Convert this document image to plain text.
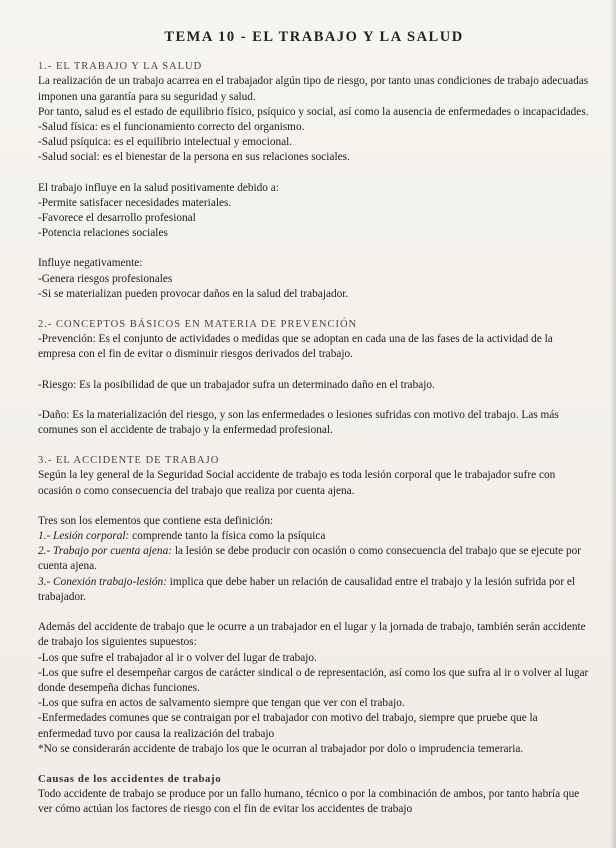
TEMA 10 - EL TRABAJO Y LA SALUD

1.- EL TRABAJO Y LA SALUD

La realización de un trabajo acarrea en el trabajador algún tipo de riesgo, por tanto unas condiciones de trabajo adecuadas imponen una garantía para su seguridad y salud.

Por tanto, salud es el estado de equilibrio físico, psíquico y social, así como la ausencia de enfermedades o incapacidades.

-Salud física: es el funcionamiento correcto del organismo.

-Salud psíquica: es el equilibrio intelectual y emocional.

-Salud social: es el bienestar de la persona en sus relaciones sociales.

El trabajo influye en la salud positivamente debido a:

-Permite satisfacer necesidades materiales.

-Favorece el desarrollo profesional

-Potencia relaciones sociales

Influye negativamente:

-Genera riesgos profesionales

-Si se materializan pueden provocar daños en la salud del trabajador.

2.- CONCEPTOS BÁSICOS EN MATERIA DE PREVENCIÓN

-Prevención: Es el conjunto de actividades o medidas que se adoptan en cada una de las fases de la actividad de la empresa con el fin de evitar o disminuir riesgos derivados del trabajo.

-Riesgo: Es la posibilidad de que un trabajador sufra un determinado daño en el trabajo.

-Daño: Es la materialización del riesgo, y son las enfermedades o lesiones sufridas con motivo del trabajo. Las más comunes son el accidente de trabajo y la enfermedad profesional.

3.- EL ACCIDENTE DE TRABAJO

Según la ley general de la Seguridad Social accidente de trabajo es toda lesión corporal que le trabajador sufre con ocasión o como consecuencia del trabajo que realiza por cuenta ajena.

Tres son los elementos que contiene esta definición:

1.- Lesión corporal: comprende tanto la física como la psíquica

2.- Trabajo por cuenta ajena: la lesión se debe producir con ocasión o como consecuencia del trabajo que se ejecute por cuenta ajena.

3.- Conexión trabajo-lesión: implica que debe haber un relación de causalidad entre el trabajo y la lesión sufrida por el trabajador.

Además del accidente de trabajo que le ocurre a un trabajador en el lugar y la jornada de trabajo, también serán accidente de trabajo los siguientes supuestos:

-Los que sufre el trabajador al ir o volver del lugar de trabajo.

-Los que sufre el desempeñar cargos de carácter sindical o de representación, así como los que sufra al ir o volver al lugar donde desempeña dichas funciones.

-Los que sufra en actos de salvamento siempre que tengan que ver con el trabajo.

-Enfermedades comunes que se contraigan por el trabajador con motivo del trabajo, siempre que pruebe que la enfermedad tuvo por causa la realización del trabajo

*No se considerarán accidente de trabajo los que le ocurran al trabajador por dolo o imprudencia temeraria.

Causas de los accidentes de trabajo

Todo accidente de trabajo se produce por un fallo humano, técnico o por la combinación de ambos, por tanto habría que ver cómo actúan los factores de riesgo con el fin de evitar los accidentes de trabajo
